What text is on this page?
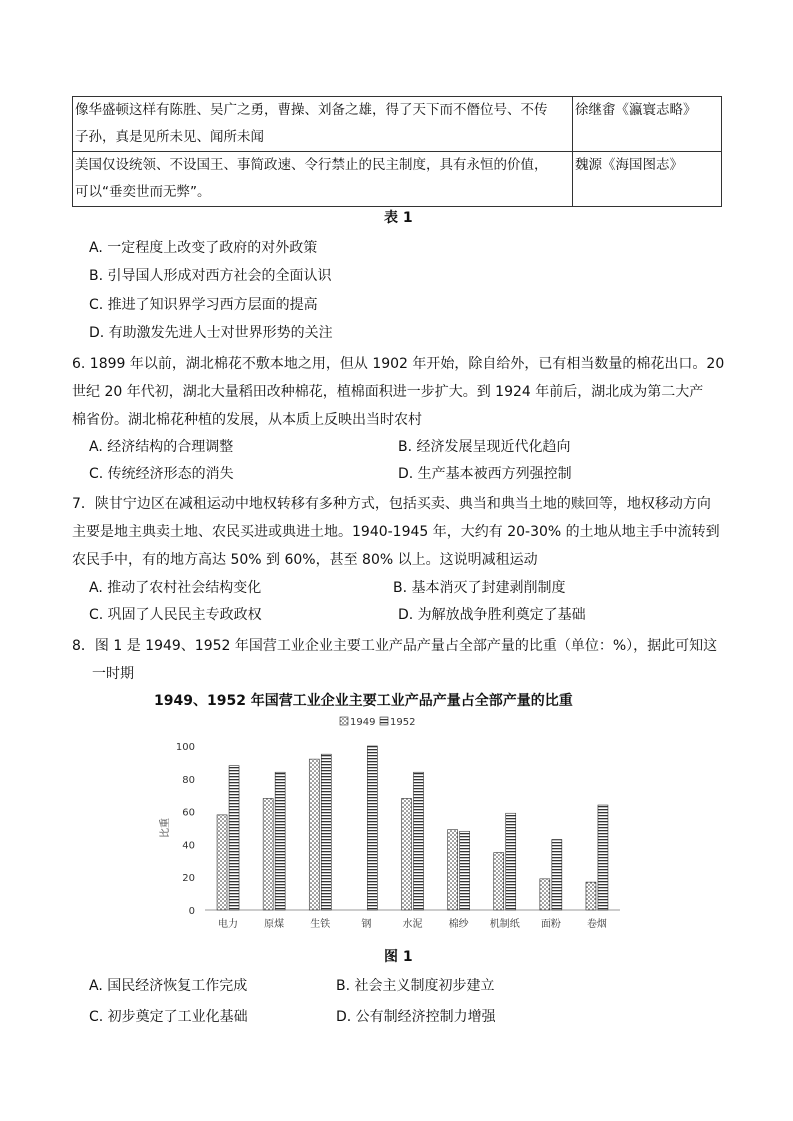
像华盛顿这样有陈胜、吴广之勇，曹操、刘备之雄，得了天下而不僭位号、不传
子孙，真是见所未见、闻所未闻	徐继畬《瀛寰志略》

美国仅设统领、不设国王、事简政速、令行禁止的民主制度，具有永恒的价值，
可以“垂奕世而无弊”。	魏源《海国图志》
表 1
A. 一定程度上改变了政府的对外政策
B. 引导国人形成对西方社会的全面认识
C. 推进了知识界学习西方层面的提高
D. 有助激发先进人士对世界形势的关注
6. 1899 年以前，湖北棉花不敷本地之用，但从 1902 年开始，除自给外，已有相当数量的棉花出口。20
世纪 20 年代初，湖北大量稻田改种棉花，植棉面积进一步扩大。到 1924 年前后，湖北成为第二大产
棉省份。湖北棉花种植的发展，从本质上反映出当时农村
A. 经济结构的合理调整	B. 经济发展呈现近代化趋向
C. 传统经济形态的消失	D. 生产基本被西方列强控制
7．陕甘宁边区在减租运动中地权转移有多种方式，包括买卖、典当和典当土地的赎回等，地权移动方向
主要是地主典卖土地、农民买进或典进土地。1940-1945 年，大约有 20-30% 的土地从地主手中流转到
农民手中，有的地方高达 50% 到 60%，甚至 80% 以上。这说明减租运动
A. 推动了农村社会结构变化	B. 基本消灭了封建剥削制度
C. 巩固了人民民主专政政权	D. 为解放战争胜利奠定了基础
8．图 1 是 1949、1952 年国营工业企业主要工业产品产量占全部产量的比重（单位：%），据此可知这
一时期
1949、1952 年国营工业企业主要工业产品产量占全部产量的比重
1949 1952
0
20
40
60
80
100
比重
电力	原煤	生铁	钢	水泥	棉纱 机制纸 面粉	卷烟
图 1
A. 国民经济恢复工作完成	B. 社会主义制度初步建立
C. 初步奠定了工业化基础	D. 公有制经济控制力增强
